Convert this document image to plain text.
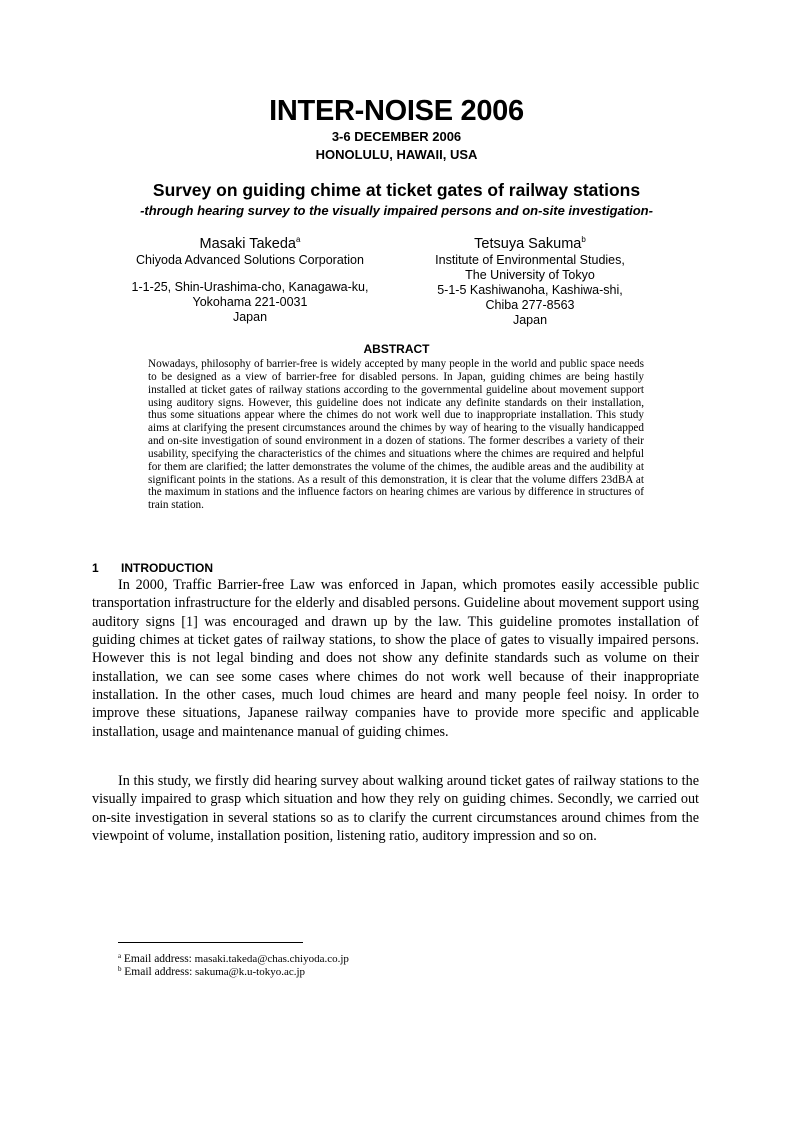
INTER-NOISE 2006
3-6 DECEMBER 2006
HONOLULU, HAWAII, USA
Survey on guiding chime at ticket gates of railway stations
-through hearing survey to the visually impaired persons and on-site investigation-
Masaki Takeda$^a$
Chiyoda Advanced Solutions Corporation
1-1-25, Shin-Urashima-cho, Kanagawa-ku,
Yokohama 221-0031
Japan
Tetsuya Sakuma$^b$
Institute of Environmental Studies,
The University of Tokyo
5-1-5 Kashiwanoha, Kashiwa-shi,
Chiba 277-8563
Japan
ABSTRACT
Nowadays, philosophy of barrier-free is widely accepted by many people in the world and public space needs to be designed as a view of barrier-free for disabled persons. In Japan, guiding chimes are being hastily installed at ticket gates of railway stations according to the governmental guideline about movement support using auditory signs. However, this guideline does not indicate any definite standards on their installation, thus some situations appear where the chimes do not work well due to inappropriate installation. This study aims at clarifying the present circumstances around the chimes by way of hearing to the visually handicapped and on-site investigation of sound environment in a dozen of stations. The former describes a variety of their usability, specifying the characteristics of the chimes and situations where the chimes are required and helpful for them are clarified; the latter demonstrates the volume of the chimes, the audible areas and the audibility at significant points in the stations. As a result of this demonstration, it is clear that the volume differs 23dBA at the maximum in stations and the influence factors on hearing chimes are various by difference in structures of train station.
1 INTRODUCTION
In 2000, Traffic Barrier-free Law was enforced in Japan, which promotes easily accessible public transportation infrastructure for the elderly and disabled persons. Guideline about movement support using auditory signs [1] was encouraged and drawn up by the law. This guideline promotes installation of guiding chimes at ticket gates of railway stations, to show the place of gates to visually impaired persons. However this is not legal binding and does not show any definite standards such as volume on their installation, we can see some cases where chimes do not work well because of their inappropriate installation. In the other cases, much loud chimes are heard and many people feel noisy. In order to improve these situations, Japanese railway companies have to provide more specific and applicable installation, usage and maintenance manual of guiding chimes.
In this study, we firstly did hearing survey about walking around ticket gates of railway stations to the visually impaired to grasp which situation and how they rely on guiding chimes. Secondly, we carried out on-site investigation in several stations so as to clarify the current circumstances around chimes from the viewpoint of volume, installation position, listening ratio, auditory impression and so on.
$^a$ Email address: masaki.takeda@chas.chiyoda.co.jp
$^b$ Email address: sakuma@k.u-tokyo.ac.jp
